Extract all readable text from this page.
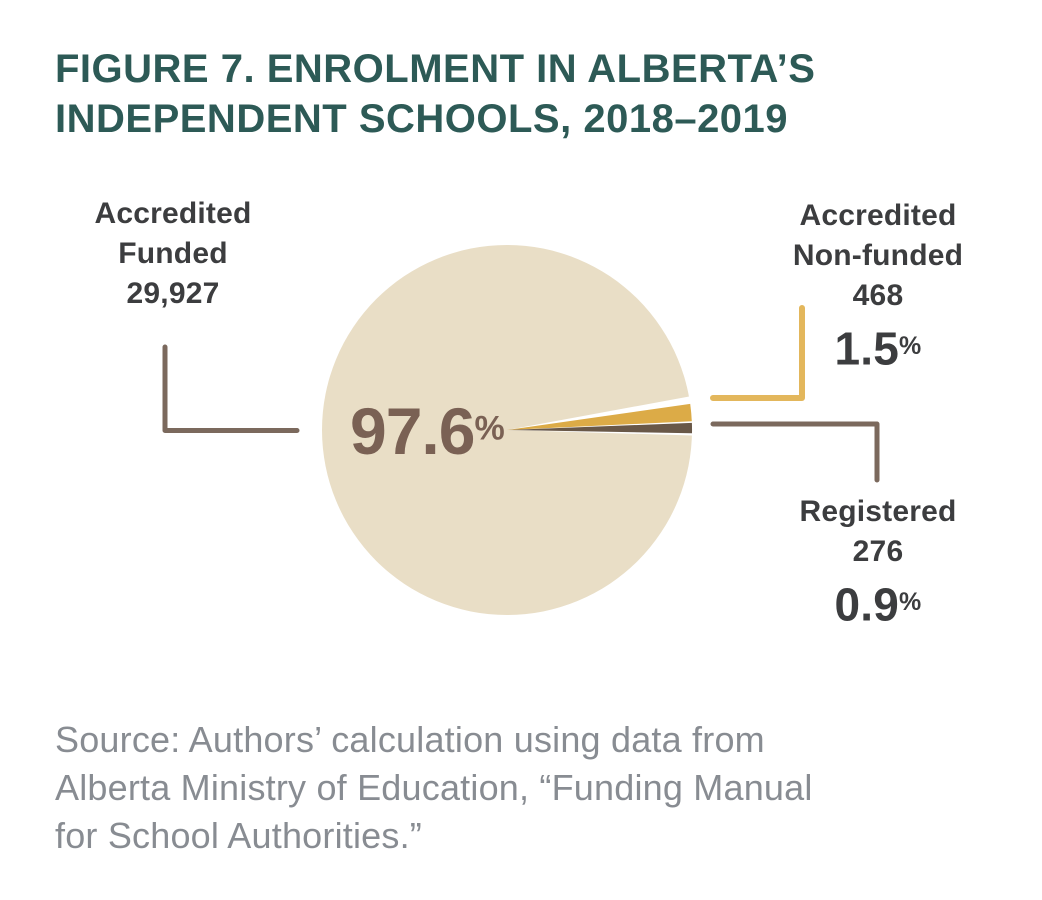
FIGURE 7. ENROLMENT IN ALBERTA’S
INDEPENDENT SCHOOLS, 2018–2019
97.6%
Accredited
Funded
29,927
Accredited
Non-funded
468
1.5%
Registered
276
0.9%
Source: Authors’ calculation using data from
Alberta Ministry of Education, “Funding Manual
for School Authorities.”
